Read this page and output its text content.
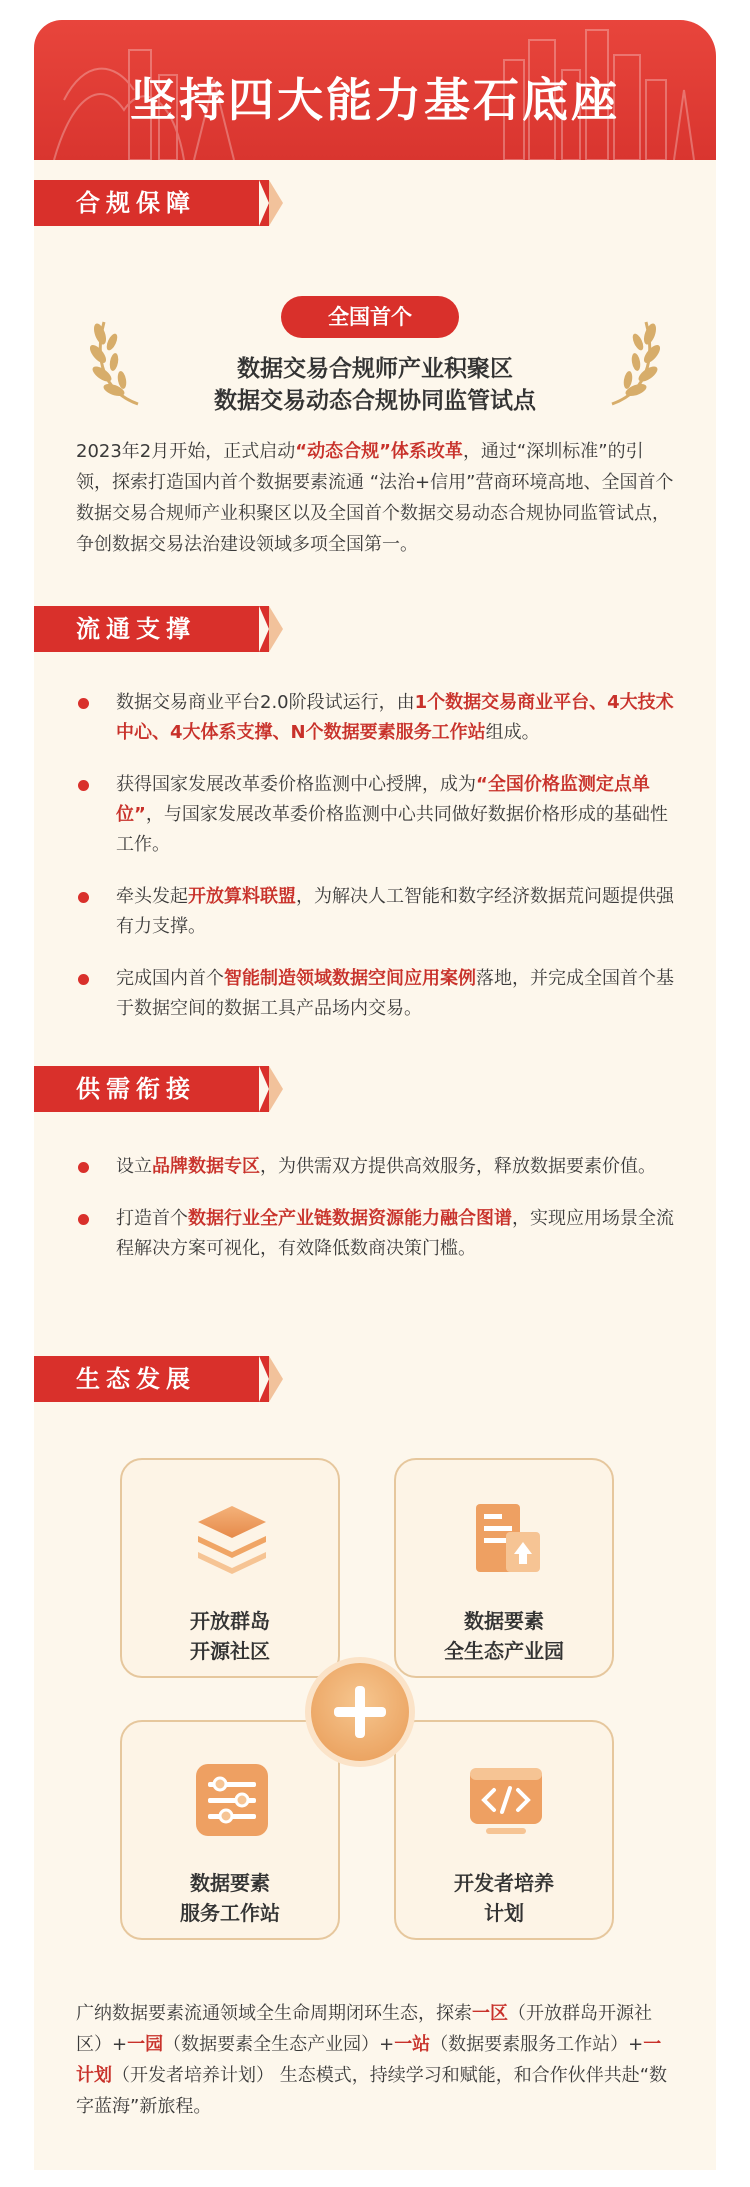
坚持四大能力基石底座
合规保障
全国首个
数据交易合规师产业积聚区
数据交易动态合规协同监管试点
2023年2月开始，正式启动“动态合规”体系改革，通过“深圳标准”的引领，探索打造国内首个数据要素流通 “法治+信用”营商环境高地、全国首个数据交易合规师产业积聚区以及全国首个数据交易动态合规协同监管试点，争创数据交易法治建设领域多项全国第一。
流通支撑
数据交易商业平台2.0阶段试运行，由1个数据交易商业平台、4大技术中心、4大体系支撑、N个数据要素服务工作站组成。
获得国家发展改革委价格监测中心授牌，成为“全国价格监测定点单位”，与国家发展改革委价格监测中心共同做好数据价格形成的基础性工作。
牵头发起开放算料联盟，为解决人工智能和数字经济数据荒问题提供强有力支撑。
完成国内首个智能制造领域数据空间应用案例落地，并完成全国首个基于数据空间的数据工具产品场内交易。
供需衔接
设立品牌数据专区，为供需双方提供高效服务，释放数据要素价值。
打造首个数据行业全产业链数据资源能力融合图谱，实现应用场景全流程解决方案可视化，有效降低数商决策门槛。
生态发展
开放群岛
开源社区
数据要素
全生态产业园
数据要素
服务工作站
开发者培养
计划
广纳数据要素流通领域全生命周期闭环生态，探索一区（开放群岛开源社区）+一园（数据要素全生态产业园）+一站（数据要素服务工作站）+一计划（开发者培养计划） 生态模式，持续学习和赋能，和合作伙伴共赴“数字蓝海”新旅程。
